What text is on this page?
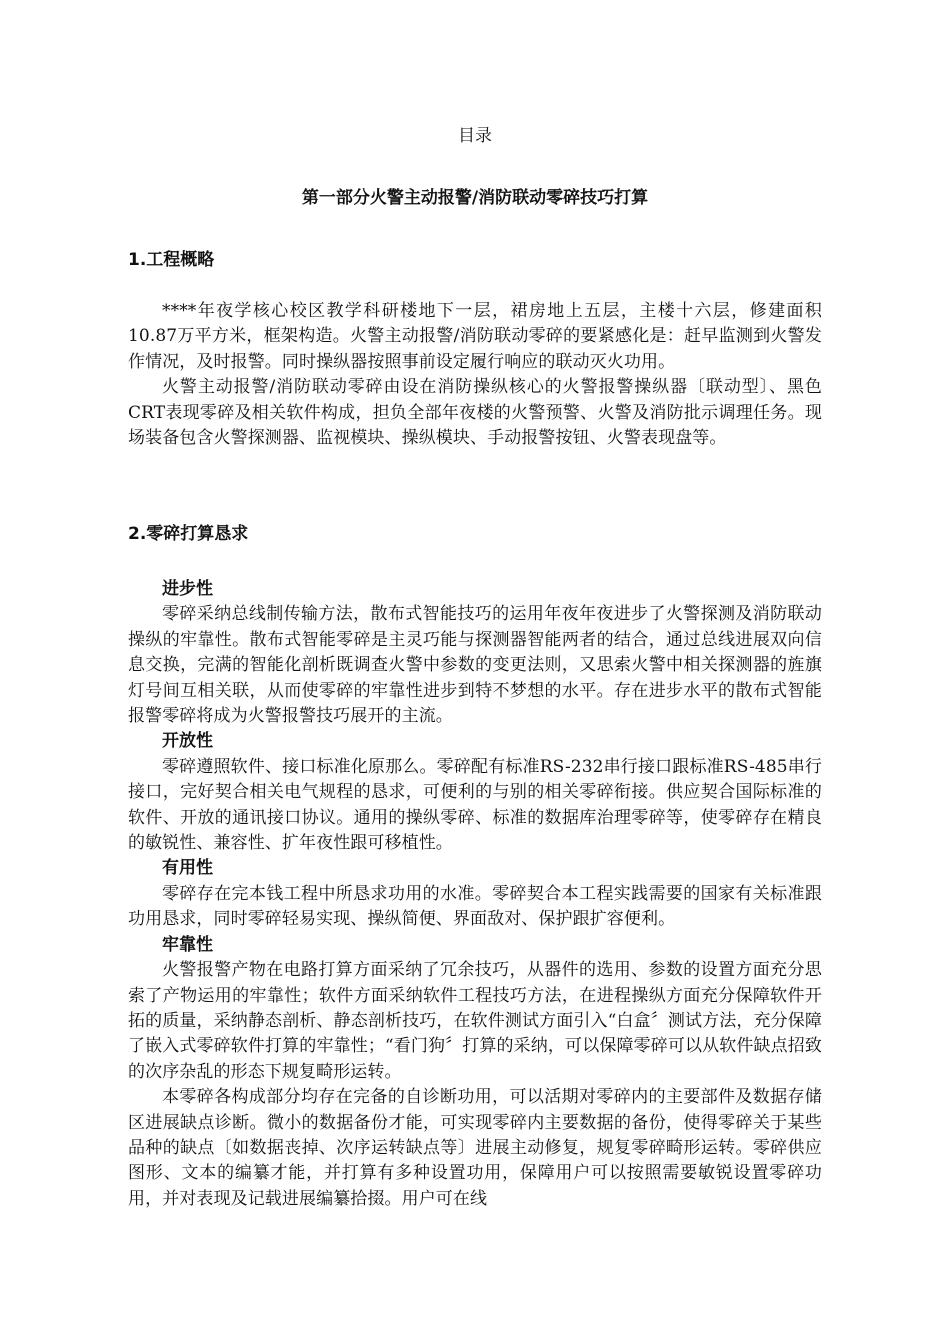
目录
第一部分火警主动报警/消防联动零碎技巧打算
1.工程概略

****年夜学核心校区教学科研楼地下一层，裙房地上五层，主楼十六层，修建面积10.87万平方米，框架构造。火警主动报警/消防联动零碎的要紧感化是：赶早监测到火警发作情况，及时报警。同时操纵器按照事前设定履行响应的联动灭火功用。

火警主动报警/消防联动零碎由设在消防操纵核心的火警报警操纵器〔联动型〕、黑色CRT表现零碎及相关软件构成，担负全部年夜楼的火警预警、火警及消防批示调理任务。现场装备包含火警探测器、监视模块、操纵模块、手动报警按钮、火警表现盘等。

2.零碎打算恳求
进步性

零碎采纳总线制传输方法，散布式智能技巧的运用年夜年夜进步了火警探测及消防联动操纵的牢靠性。散布式智能零碎是主灵巧能与探测器智能两者的结合，通过总线进展双向信息交换，完满的智能化剖析既调查火警中参数的变更法则，又思索火警中相关探测器的旌旗灯号间互相关联，从而使零碎的牢靠性进步到特不梦想的水平。存在进步水平的散布式智能报警零碎将成为火警报警技巧展开的主流。

开放性

零碎遵照软件、接口标准化原那么。零碎配有标准RS-232串行接口跟标准RS-485串行接口，完好契合相关电气规程的恳求，可便利的与别的相关零碎衔接。供应契合国际标准的软件、开放的通讯接口协议。通用的操纵零碎、标准的数据库治理零碎等，使零碎存在精良的敏锐性、兼容性、扩年夜性跟可移植性。

有用性

零碎存在完本钱工程中所恳求功用的水准。零碎契合本工程实践需要的国家有关标准跟功用恳求，同时零碎轻易实现、操纵简便、界面敌对、保护跟扩容便利。

牢靠性

火警报警产物在电路打算方面采纳了冗余技巧，从器件的选用、参数的设置方面充分思索了产物运用的牢靠性；软件方面采纳软件工程技巧方法，在进程操纵方面充分保障软件开拓的质量，采纳静态剖析、静态剖析技巧，在软件测试方面引入“白盒〞测试方法，充分保障了嵌入式零碎软件打算的牢靠性；“看门狗〞打算的采纳，可以保障零碎可以从软件缺点招致的次序杂乱的形态下规复畸形运转。

本零碎各构成部分均存在完备的自诊断功用，可以活期对零碎内的主要部件及数据存储区进展缺点诊断。微小的数据备份才能，可实现零碎内主要数据的备份，使得零碎关于某些品种的缺点〔如数据丧掉、次序运转缺点等〕进展主动修复，规复零碎畸形运转。零碎供应图形、文本的编纂才能，并打算有多种设置功用，保障用户可以按照需要敏锐设置零碎功用，并对表现及记载进展编纂拾掇。用户可在线
